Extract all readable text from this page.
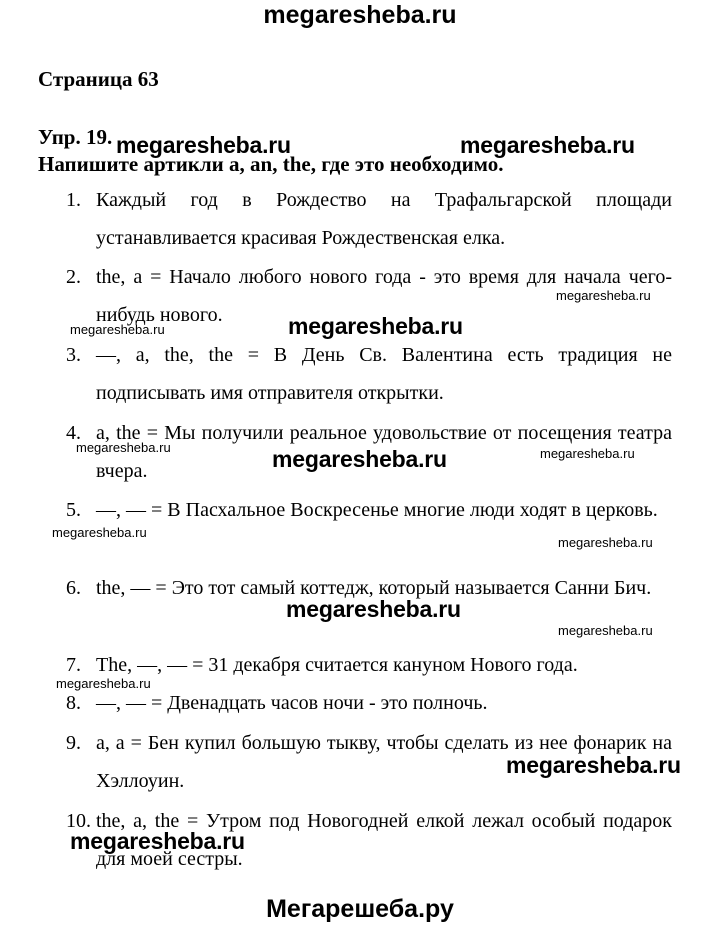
megaresheba.ru
Страница 63
Упр. 19.
Напишите артикли a, an, the, где это необходимо.
1. Каждый год в Рождество на Трафальгарской площади устанавливается красивая Рождественская елка.
2. the, a = Начало любого нового года - это время для начала чего-нибудь нового.
3. —, a, the, the = В День Св. Валентина есть традиция не подписывать имя отправителя открытки.
4. a, the = Мы получили реальное удовольствие от посещения театра вчера.
5. —, — = В Пасхальное Воскресенье многие люди ходят в церковь.
6. the, — = Это тот самый коттедж, который называется Санни Бич.
7. The, —, — = 31 декабря считается кануном Нового года.
8. —, — = Двенадцать часов ночи - это полночь.
9. a, a = Бен купил большую тыкву, чтобы сделать из нее фонарик на Хэллоуин.
10. the, a, the = Утром под Новогодней елкой лежал особый подарок для моей сестры.
megaresheba.ru	megaresheba.ru
megaresheba.ru
megaresheba.ru
megaresheba.ru
megaresheba.ru	megaresheba.ru
megaresheba.ru
megaresheba.ru
megaresheba.ru
megaresheba.ru
megaresheba.ru
megaresheba.ru
megaresheba.ru
megaresheba.ru
Мегарешеба.ру
